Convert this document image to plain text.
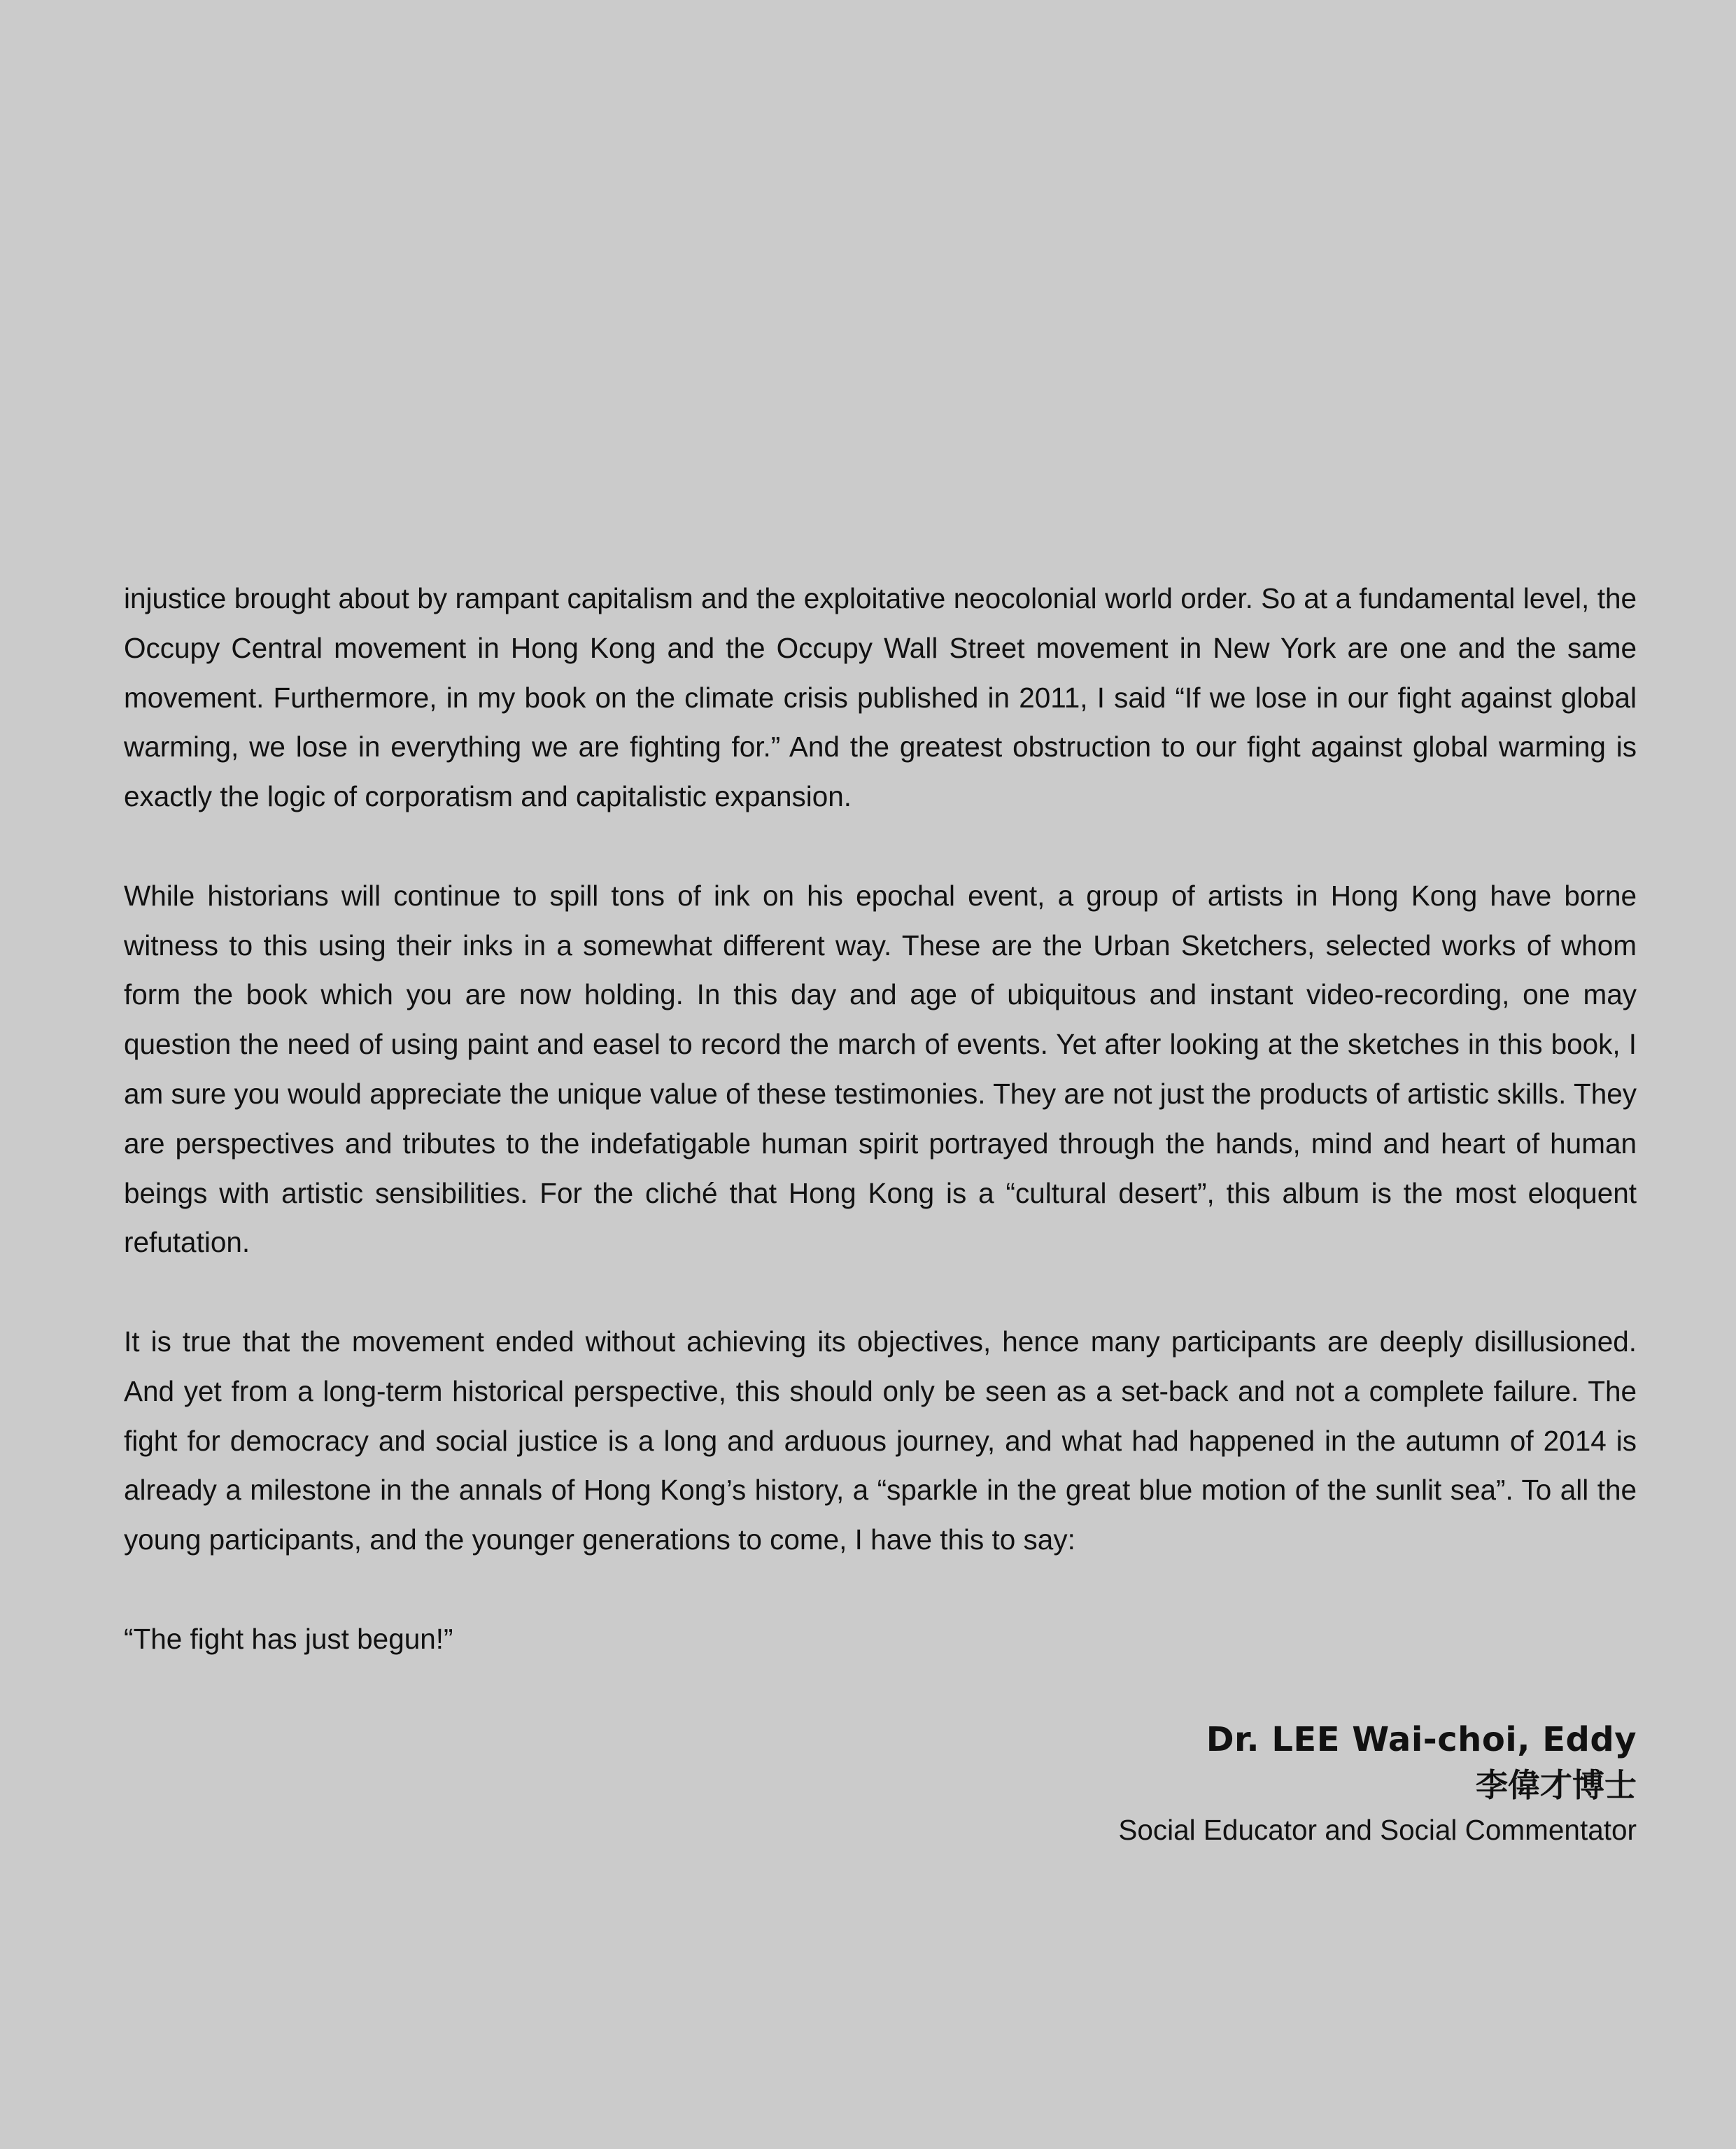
injustice brought about by rampant capitalism and the exploitative neocolonial world order. So at a fundamental level, the Occupy Central movement in Hong Kong and the Occupy Wall Street movement in New York are one and the same movement. Furthermore, in my book on the climate crisis published in 2011, I said “If we lose in our fight against global warming, we lose in everything we are fighting for.” And the greatest obstruction to our fight against global warming is exactly the logic of corporatism and capitalistic expansion.

While historians will continue to spill tons of ink on his epochal event, a group of artists in Hong Kong have borne witness to this using their inks in a somewhat different way. These are the Urban Sketchers, selected works of whom form the book which you are now holding. In this day and age of ubiquitous and instant video-recording, one may question the need of using paint and easel to record the march of events. Yet after looking at the sketches in this book, I am sure you would appreciate the unique value of these testimonies. They are not just the products of artistic skills. They are perspectives and tributes to the indefatigable human spirit portrayed through the hands, mind and heart of human beings with artistic sensibilities. For the cliché that Hong Kong is a “cultural desert”, this album is the most eloquent refutation.

It is true that the movement ended without achieving its objectives, hence many participants are deeply disillusioned. And yet from a long-term historical perspective, this should only be seen as a set-back and not a complete failure. The fight for democracy and social justice is a long and arduous journey, and what had happened in the autumn of 2014 is already a milestone in the annals of Hong Kong’s history, a “sparkle in the great blue motion of the sunlit sea”. To all the young participants, and the younger generations to come, I have this to say:

“The fight has just begun!”

Dr. LEE Wai-choi, Eddy

李偉才博士

Social Educator and Social Commentator
